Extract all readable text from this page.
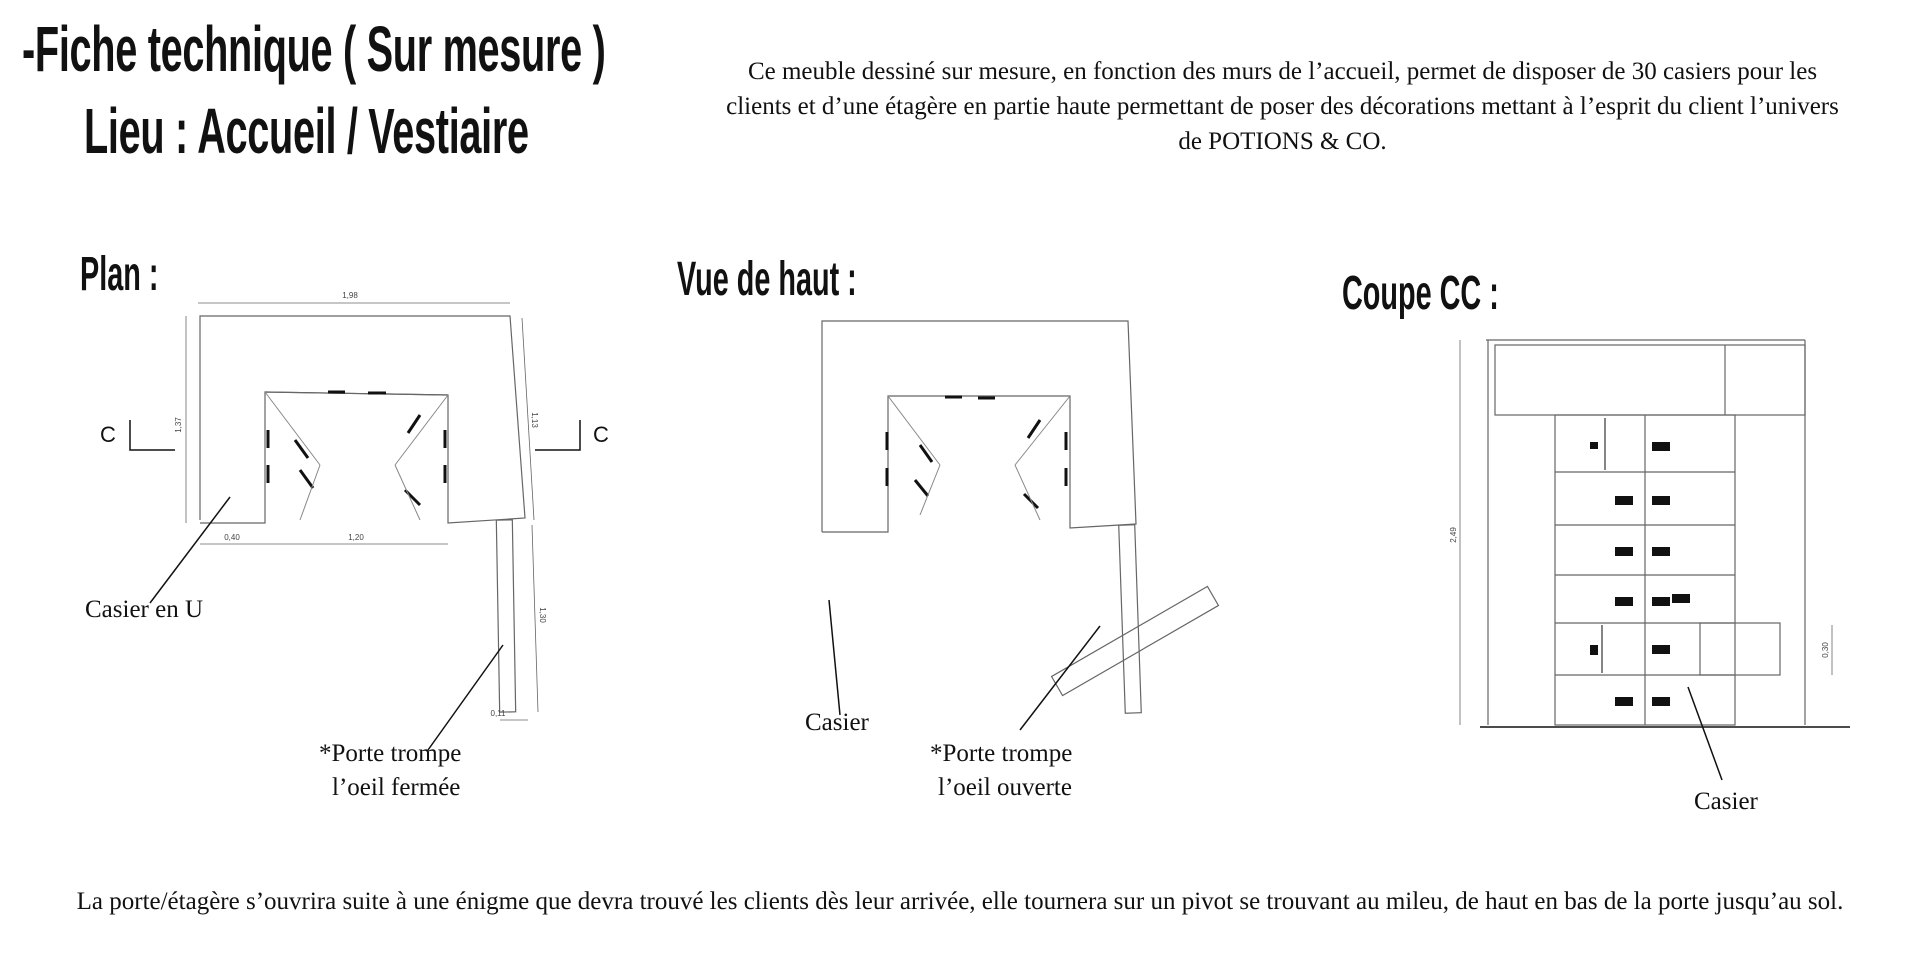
-Fiche technique ( Sur mesure )
Lieu : Accueil / Vestiaire
Ce meuble dessiné sur mesure, en fonction des murs de l’accueil, permet de disposer de 30 casiers pour les clients et d’une étagère en partie haute permettant de poser des décorations mettant à l’esprit du client l’univers de POTIONS & CO.
Plan :	Vue de haut :	Coupe CC :
1,98
1,37	1,13
0,40	1,20
1,30
0,11
2,49
0,30
C	C
Casier en U
*Porte trompe
l’oeil fermée
Casier
*Porte trompe
l’oeil ouverte
Casier
La porte/étagère s’ouvrira suite à une énigme que devra trouvé les clients dès leur arrivée, elle tournera sur un pivot se trouvant au mileu, de haut en bas de la porte jusqu’au sol.
